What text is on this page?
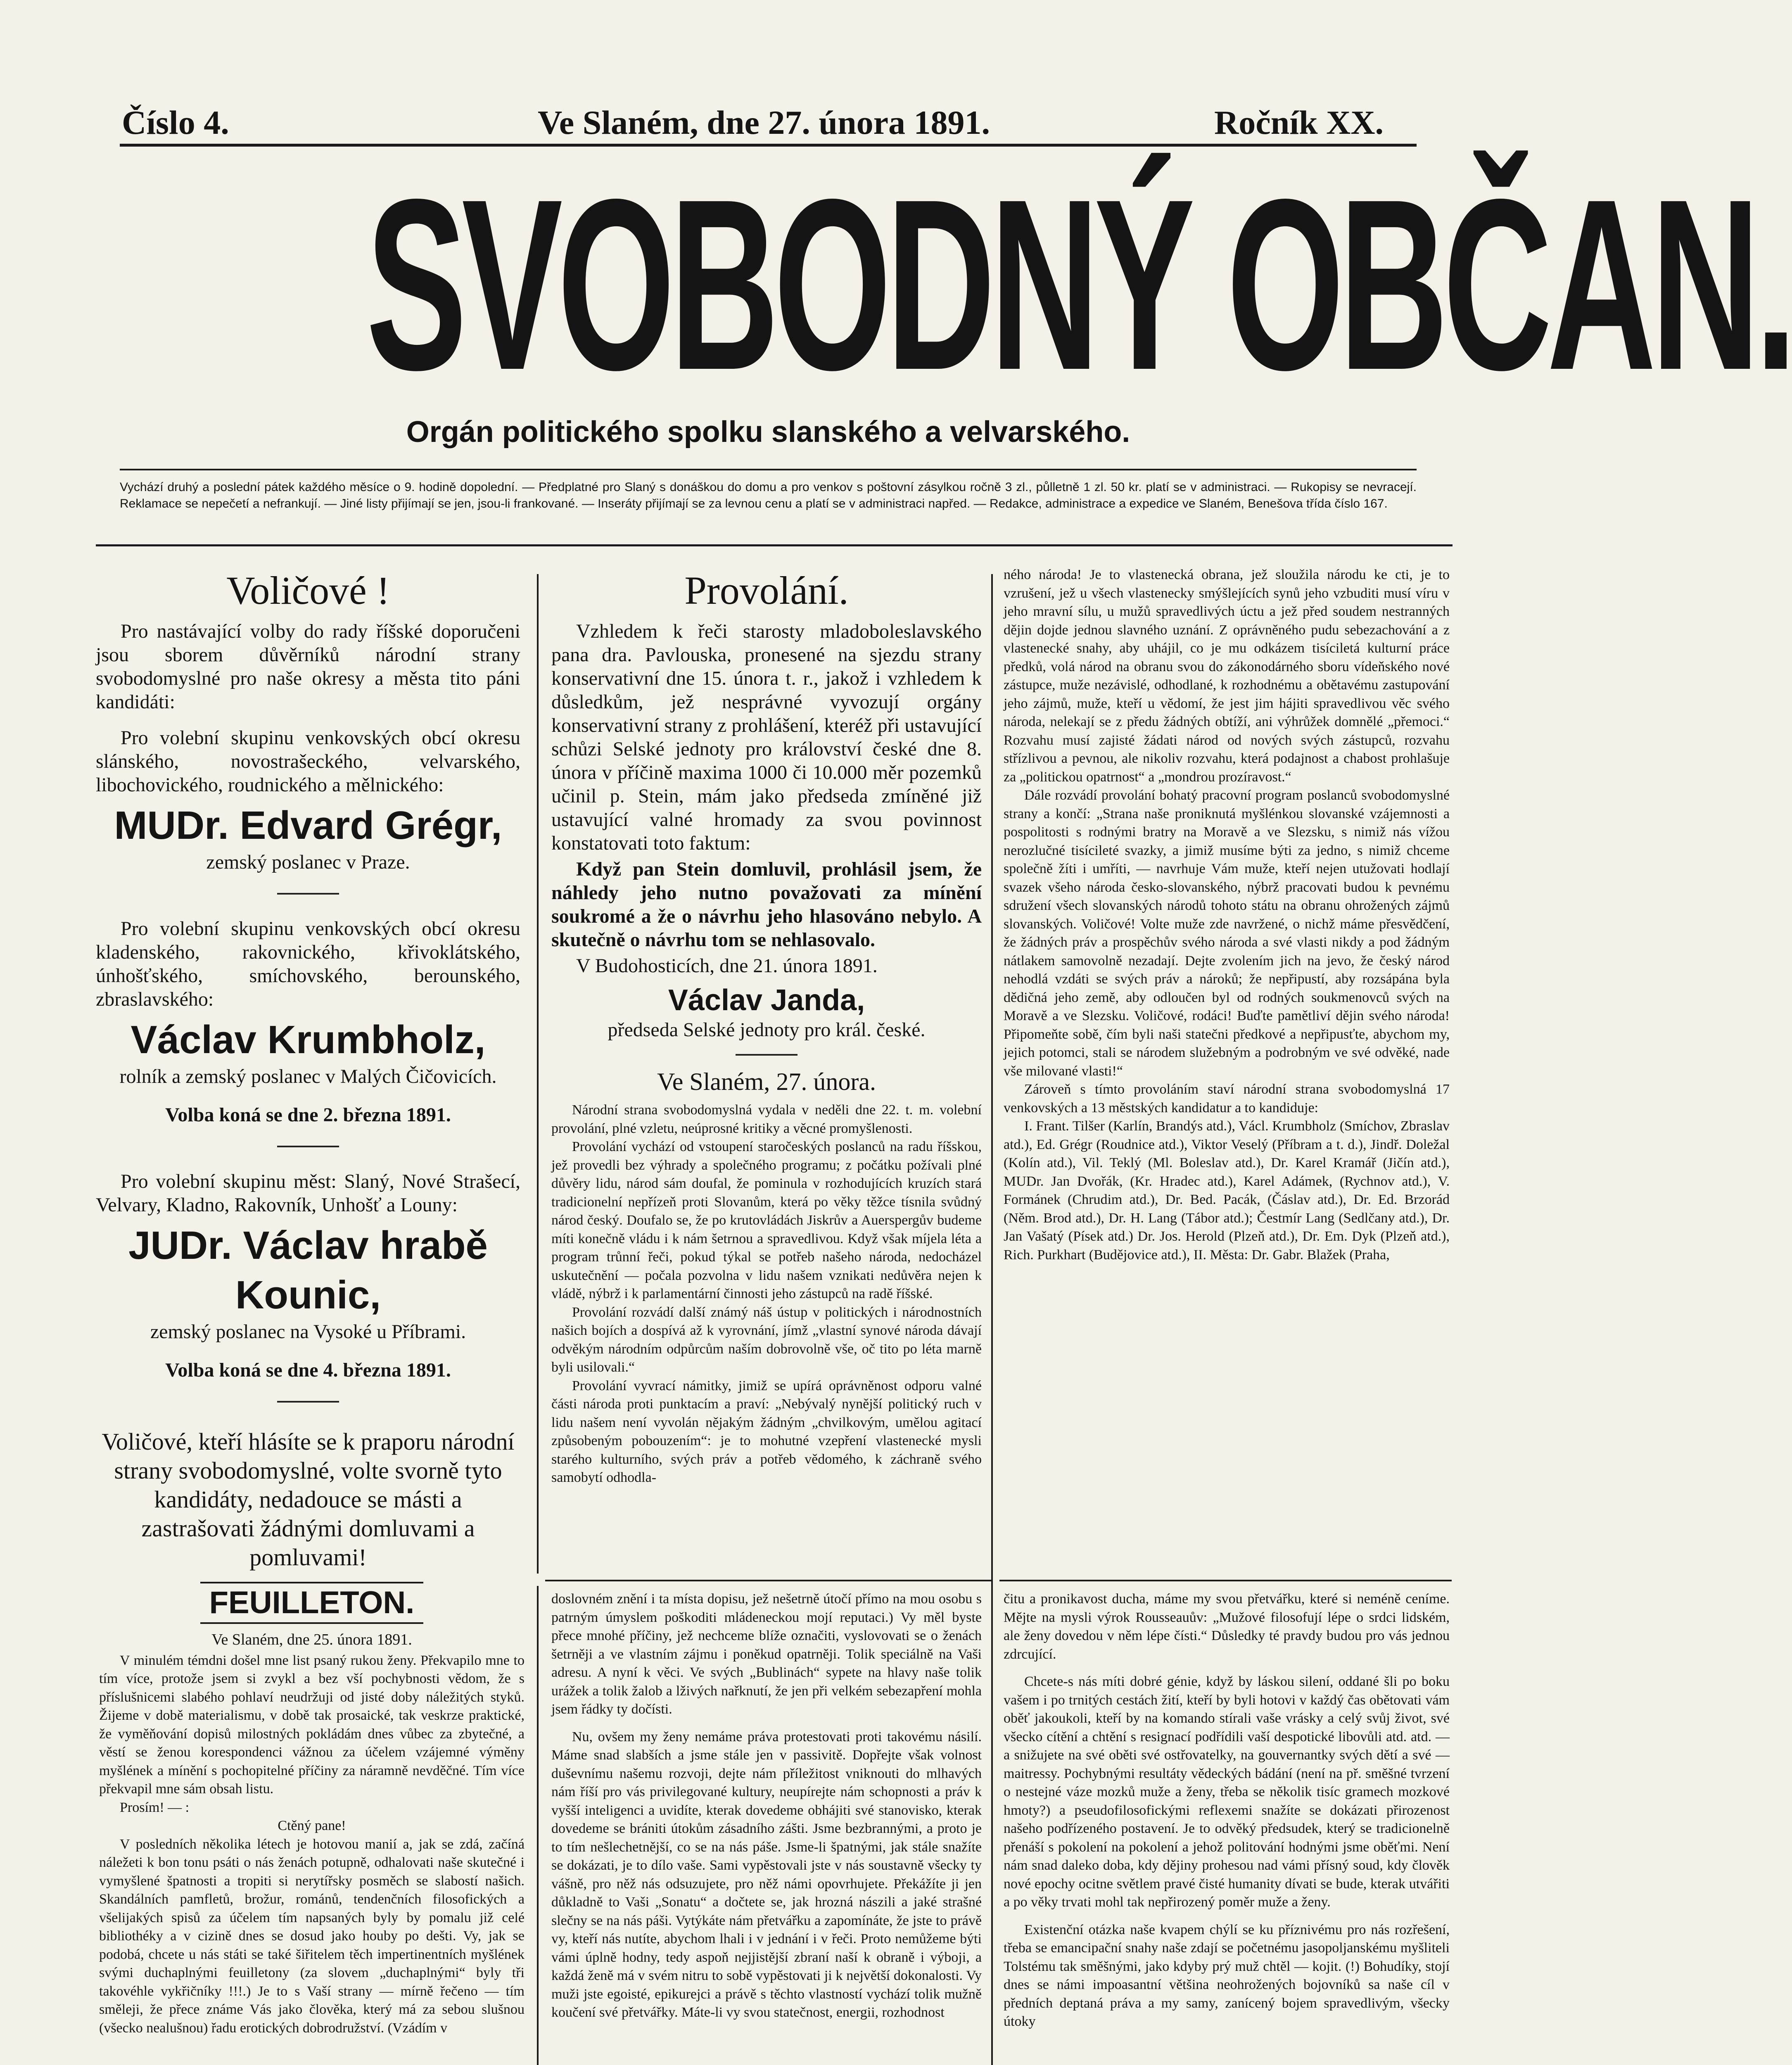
Číslo 4.	Ve Slaném, dne 27. února 1891.	Ročník XX.
SVOBODNÝ OBČAN.
Orgán politického spolku slanského a velvarského.
Vychází druhý a poslední pátek každého měsíce o 9. hodině dopolední. — Předplatné pro Slaný s donáškou do domu a pro venkov s poštovní zásylkou ročně 3 zl., půlletně 1 zl. 50 kr. platí se v administraci. — Rukopisy se nevracejí. Reklamace se nepečetí a nefrankují. — Jiné listy přijímají se jen, jsou-li frankované. — Inseráty přijímají se za levnou cenu a platí se v administraci napřed. — Redakce, administrace a expedice ve Slaném, Benešova třída číslo 167.
Voličové !

Pro nastávající volby do rady říšské doporučeni jsou sborem důvěrníků národní strany svobodomyslné pro naše okresy a města tito páni kandidáti:

Pro volební skupinu venkovských obcí okresu slánského, novostrašeckého, velvarského, libochovického, roudnického a mělnického:

MUDr. Edvard Grégr,

zemský poslanec v Praze.

Pro volební skupinu venkovských obcí okresu kladenského, rakovnického, křivoklátského, únhošťského, smíchovského, berounského, zbraslavského:

Václav Krumbholz,

rolník a zemský poslanec v Malých Čičovicích.

Volba koná se dne 2. března 1891.

Pro volební skupinu měst: Slaný, Nové Strašecí, Velvary, Kladno, Rakovník, Unhošť a Louny:

JUDr. Václav hrabě Kounic,

zemský poslanec na Vysoké u Příbrami.

Volba koná se dne 4. března 1891.

Voličové, kteří hlásíte se k praporu národní strany svobodomyslné, volte svorně tyto kandidáty, nedadouce se másti a zastrašovati žádnými domluvami a pomluvami!

Provolání.

Vzhledem k řeči starosty mladoboleslavského pana dra. Pavlouska, pronesené na sjezdu strany konservativní dne 15. února t. r., jakož i vzhledem k důsledkům, jež nesprávné vyvozují orgány konservativní strany z prohlášení, kteréž při ustavující schůzi Selské jednoty pro království české dne 8. února v příčině maxima 1000 či 10.000 měr pozemků učinil p. Stein, mám jako předseda zmíněné již ustavující valné hromady za svou povinnost konstatovati toto faktum:

Když pan Stein domluvil, prohlásil jsem, že náhledy jeho nutno považovati za mínění soukromé a že o návrhu jeho hlasováno nebylo. A skutečně o návrhu tom se nehlasovalo.

V Budohosticích, dne 21. února 1891.

Václav Janda,

předseda Selské jednoty pro král. české.

Ve Slaném, 27. února.

Národní strana svobodomyslná vydala v neděli dne 22. t. m. volební provolání, plné vzletu, neúprosné kritiky a věcné promyšlenosti.

Provolání vychází od vstoupení staročeských poslanců na radu říšskou, jež provedli bez výhrady a společného programu; z počátku požívali plné důvěry lidu, národ sám doufal, že pominula v rozhodujících kruzích stará tradicionelní nepřízeň proti Slovanům, která po věky těžce tísnila svůdný národ český. Doufalo se, že po krutovládách Jiskrův a Auerspergův budeme míti konečně vládu i k nám šetrnou a spravedlivou. Když však míjela léta a program trůnní řeči, pokud týkal se potřeb našeho národa, nedocházel uskutečnění — počala pozvolna v lidu našem vznikati nedůvěra nejen k vládě, nýbrž i k parlamentární činnosti jeho zástupců na radě říšské.

Provolání rozvádí další známý náš ústup v politických i národnostních našich bojích a dospívá až k vyrovnání, jímž „vlastní synové národa dávají odvěkým národním odpůrcům naším dobrovolně vše, oč tito po léta marně byli usilovali.“

Provolání vyvrací námitky, jimiž se upírá oprávněnost odporu valné části národa proti punktacím a praví: „Nebývalý nynější politický ruch v lidu našem není vyvolán nějakým žádným „chvilkovým, umělou agitací způsobeným pobouzením“: je to mohutné vzepření vlastenecké mysli starého kulturního, svých práv a potřeb vědomého, k záchraně svého samobytí odhodla-

ného národa! Je to vlastenecká obrana, jež sloužila národu ke cti, je to vzrušení, jež u všech vlastenecky smýšlejících synů jeho vzbuditi musí víru v jeho mravní sílu, u mužů spravedlivých úctu a jež před soudem nestranných dějin dojde jednou slavného uznání. Z oprávněného pudu sebezachování a z vlastenecké snahy, aby uhájil, co je mu odkázem tisíciletá kulturní práce předků, volá národ na obranu svou do zákonodárného sboru vídeňského nové zástupce, muže nezávislé, odhodlané, k rozhodnému a obětavému zastupování jeho zájmů, muže, kteří u vědomí, že jest jim hájiti spravedlivou věc svého národa, nelekají se z předu žádných obtíží, ani výhrůžek domnělé „přemoci.“ Rozvahu musí zajisté žádati národ od nových svých zástupců, rozvahu střízlivou a pevnou, ale nikoliv rozvahu, která podajnost a chabost prohlašuje za „politickou opatrnost“ a „mondrou prozíravost.“

Dále rozvádí provolání bohatý pracovní program poslanců svobodomyslné strany a končí: „Strana naše proniknutá myšlénkou slovanské vzájemnosti a pospolitosti s rodnými bratry na Moravě a ve Slezsku, s nimiž nás vížou nerozlučné tisícileté svazky, a jimiž musíme býti za jedno, s nimiž chceme společně žíti i umříti, — navrhuje Vám muže, kteří nejen utužovati hodlají svazek všeho národa česko-slovanského, nýbrž pracovati budou k pevnému sdružení všech slovanských národů tohoto státu na obranu ohrožených zájmů slovanských. Voličové! Volte muže zde navržené, o nichž máme přesvědčení, že žádných práv a prospěchův svého národa a své vlasti nikdy a pod žádným nátlakem samovolně nezadají. Dejte zvolením jich na jevo, že český národ nehodlá vzdáti se svých práv a nároků; že nepřipustí, aby rozsápána byla dědičná jeho země, aby odloučen byl od rodných soukmenovců svých na Moravě a ve Slezsku. Voličové, rodáci! Buďte pamětliví dějin svého národa! Připomeňte sobě, čím byli naši statečni předkové a nepřipusťte, abychom my, jejich potomci, stali se národem služebným a podrobným ve své odvěké, nade vše milované vlasti!“

Zároveň s tímto provoláním staví národní strana svobodomyslná 17 venkovských a 13 městských kandidatur a to kandiduje:

I. Frant. Tilšer (Karlín, Brandýs atd.), Václ. Krumbholz (Smíchov, Zbraslav atd.), Ed. Grégr (Roudnice atd.), Viktor Veselý (Příbram a t. d.), Jindř. Doležal (Kolín atd.), Vil. Teklý (Ml. Boleslav atd.), Dr. Karel Kramář (Jičín atd.), MUDr. Jan Dvořák, (Kr. Hradec atd.), Karel Adámek, (Rychnov atd.), V. Formánek (Chrudim atd.), Dr. Bed. Pacák, (Čáslav atd.), Dr. Ed. Brzorád (Něm. Brod atd.), Dr. H. Lang (Tábor atd.); Čestmír Lang (Sedlčany atd.), Dr. Jan Vašatý (Písek atd.) Dr. Jos. Herold (Plzeň atd.), Dr. Em. Dyk (Plzeň atd.), Rich. Purkhart (Budějovice atd.), II. Města: Dr. Gabr. Blažek (Praha,

FEUILLETON.

Ve Slaném, dne 25. února 1891.

V minulém témdni došel mne list psaný rukou ženy. Překvapilo mne to tím více, protože jsem si zvykl a bez vší pochybnosti vědom, že s příslušnicemi slabého pohlaví neudržuji od jisté doby náležitých styků. Žijeme v době materialismu, v době tak prosaické, tak veskrze praktické, že vyměňování dopisů milostných pokládám dnes vůbec za zbytečné, a věstí se ženou korespondenci vážnou za účelem vzájemné výměny myšlének a mínění s pochopitelné příčiny za náramně nevděčné. Tím více překvapil mne sám obsah listu.

Prosím! — :

Ctěný pane!

V posledních několika létech je hotovou manií a, jak se zdá, začíná náležeti k bon tonu psáti o nás ženách potupně, odhalovati naše skutečné i vymyšlené špatnosti a tropiti si nerytířsky posměch se slabostí našich. Skandálních pamfletů, brožur, románů, tendenčních filosofických a všelijakých spisů za účelem tím napsaných byly by pomalu již celé bibliothéky a v cizině dnes se dosud jako houby po dešti. Vy, jak se podobá, chcete u nás státi se také šiřitelem těch impertinentních myšlének svými duchaplnými feuilletony (za slovem „duchaplnými“ byly tři takovéhle vykřičníky !!!.) Je to s Vaší strany — mírně řečeno — tím směleji, že přece známe Vás jako člověka, který má za sebou slušnou (všecko nealušnou) řadu erotických dobrodružství. (Vzádím v

doslovném znění i ta místa dopisu, jež nešetrně útočí přímo na mou osobu s patrným úmyslem poškoditi mládeneckou mojí reputaci.) Vy měl byste přece mnohé příčiny, jež nechceme blíže označiti, vyslovovati se o ženách šetrněji a ve vlastním zájmu i poněkud opatrněji. Tolik speciálně na Vaši adresu. A nyní k věci. Ve svých „Bublinách“ sypete na hlavy naše tolik urážek a tolik žalob a lživých nařknutí, že jen při velkém sebezapření mohla jsem řádky ty dočísti.

Nu, ovšem my ženy nemáme práva protestovati proti takovému násilí. Máme snad slabších a jsme stále jen v passivitě. Dopřejte však volnost duševnímu našemu rozvoji, dejte nám příležitost vniknouti do mlhavých nám říší pro vás privilegované kultury, neupírejte nám schopnosti a práv k vyšší inteligenci a uvidíte, kterak dovedeme obhájiti své stanovisko, kterak dovedeme se brániti útokům zásadního zášti. Jsme bezbrannými, a proto je to tím nešlechetnější, co se na nás páše. Jsme-li špatnými, jak stále snažíte se dokázati, je to dílo vaše. Sami vypěstovali jste v nás soustavně všecky ty vášně, pro něž nás odsuzujete, pro něž námi opovrhujete. Překážíte ji jen důkladně to Vaši „Sonatu“ a dočtete se, jak hrozná nászili a jaké strašné slečny se na nás páši. Vytýkáte nám přetvářku a zapomínáte, že jste to právě vy, kteří nás nutíte, abychom lhali i v jednání i v řeči. Proto nemůžeme býti vámi úplně hodny, tedy aspoň nejjistější zbraní naší k obraně i výboji, a každá ženě má v svém nitru to sobě vypěstovati ji k největší dokonalosti. Vy muži jste egoisté, epikurejci a právě s těchto vlastností vychází tolik mužně koučení své přetvářky. Máte-li vy svou statečnost, energii, rozhodnost

čitu a pronikavost ducha, máme my svou přetvářku, které si neméně ceníme. Mějte na mysli výrok Rousseauův: „Mužové filosofují lépe o srdci lidském, ale ženy dovedou v něm lépe čísti.“ Důsledky té pravdy budou pro vás jednou zdrcující.

Chcete-s nás míti dobré génie, když by láskou silení, oddané šli po boku vašem i po trnitých cestách žití, kteří by byli hotovi v každý čas obětovati vám oběť jakoukoli, kteří by na komando stírali vaše vrásky a celý svůj život, své všecko cítění a chtění s resignací podřídili vaší despotické libovůli atd. atd. — a snižujete na své oběti své ostřovatelky, na gouvernantky svých dětí a své — maitressy. Pochybnými resultáty vědeckých bádání (není na př. směšné tvrzení o nestejné váze mozků muže a ženy, třeba se několik tisíc gramech mozkové hmoty?) a pseudofilosofickými reflexemi snažíte se dokázati přirozenost našeho podřízeného postavení. Je to odvěký předsudek, který se tradicionelně přenáší s pokolení na pokolení a jehož politování hodnými jsme oběťmi. Není nám snad daleko doba, kdy dějiny prohesou nad vámi přísný soud, kdy člověk nové epochy ocitne světlem pravé čisté humanity dívati se bude, kterak utvářiti a po věky trvati mohl tak nepřirozený poměr muže a ženy.

Existenční otázka naše kvapem chýlí se ku příznivému pro nás rozřešení, třeba se emancipační snahy naše zdají se početnému jasopoljanskému myšliteli Tolstému tak směšnými, jako kdyby prý muž chtěl — kojit. (!) Bohudíky, stojí dnes se námi impoasantní většina neohrožených bojovníků sa naše cíl v předních deptaná práva a my samy, zanícený bojem spravedlivým, všecky útoky
